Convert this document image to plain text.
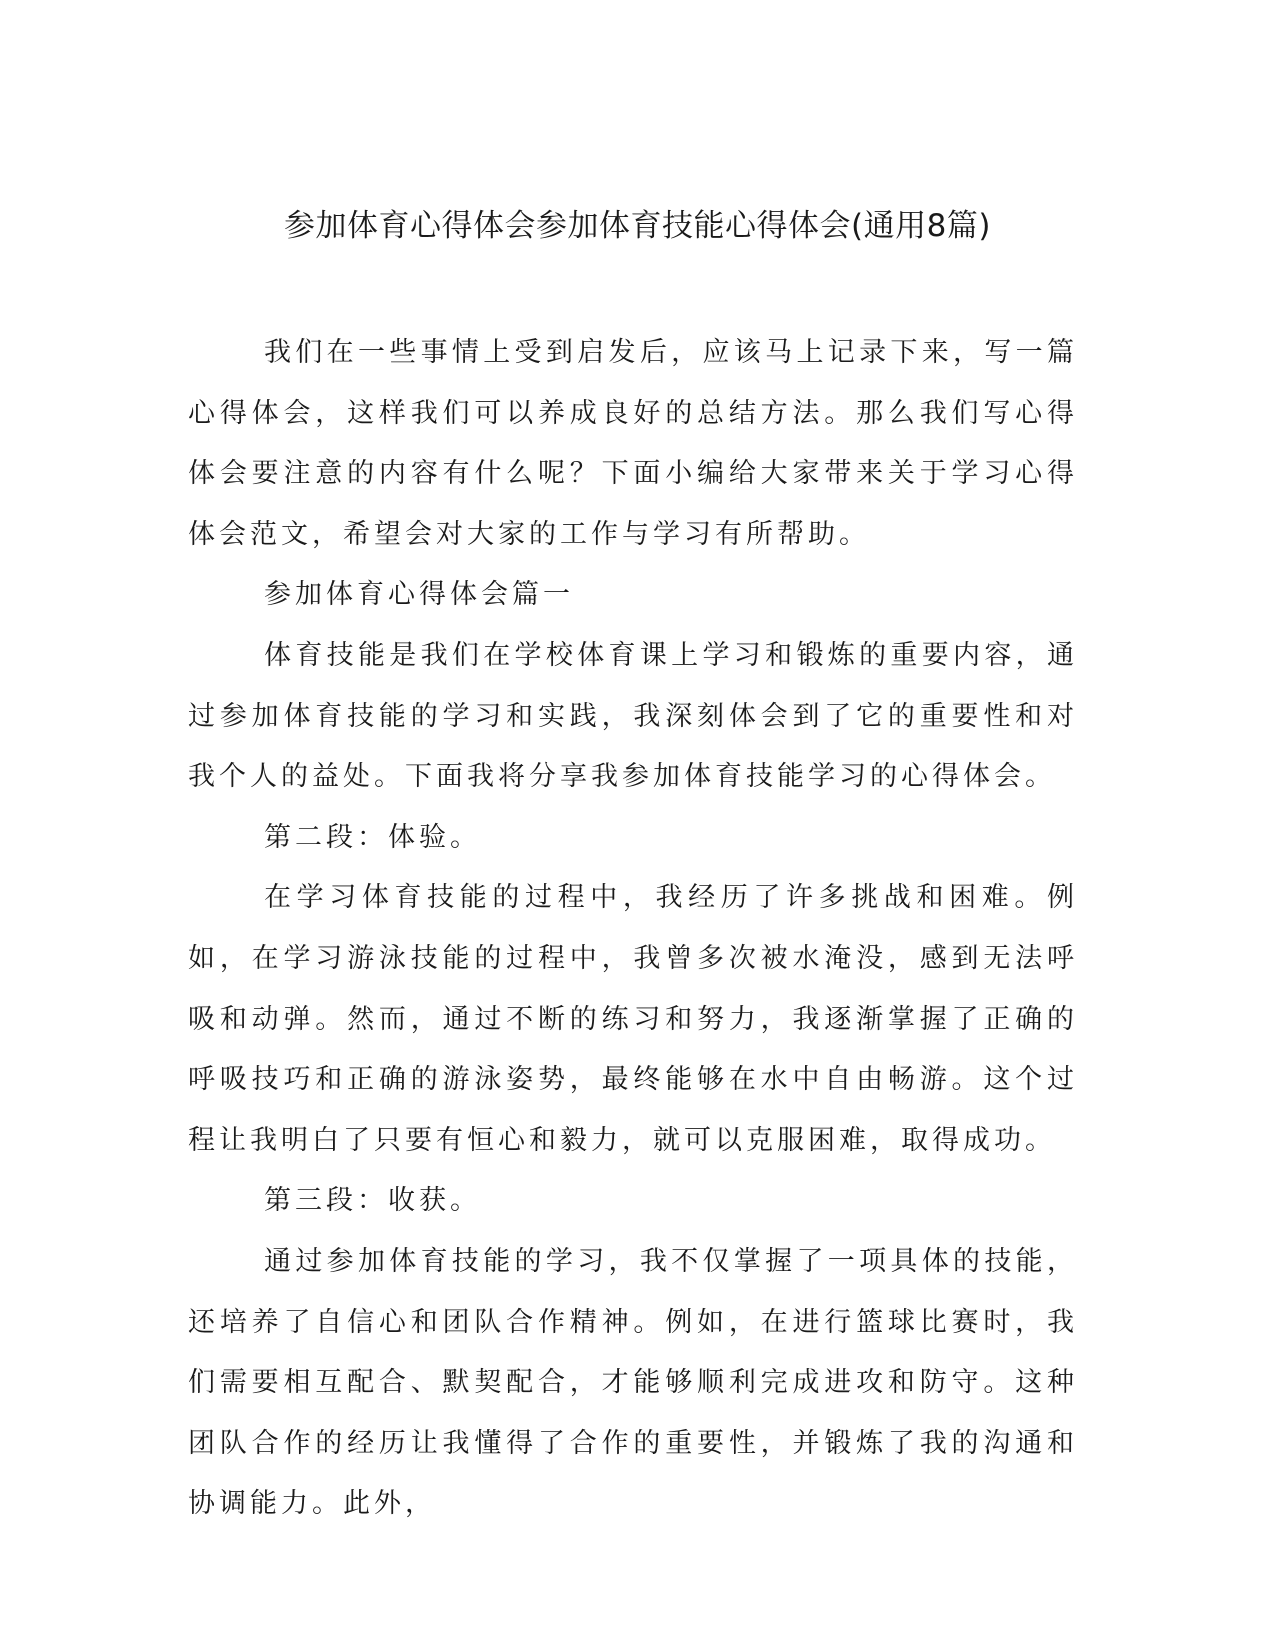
参加体育心得体会参加体育技能心得体会(通用8篇)

我们在一些事情上受到启发后，应该马上记录下来，写一篇心得体会，这样我们可以养成良好的总结方法。那么我们写心得体会要注意的内容有什么呢？下面小编给大家带来关于学习心得体会范文，希望会对大家的工作与学习有所帮助。

参加体育心得体会篇一

体育技能是我们在学校体育课上学习和锻炼的重要内容，通过参加体育技能的学习和实践，我深刻体会到了它的重要性和对我个人的益处。下面我将分享我参加体育技能学习的心得体会。

第二段：体验。

在学习体育技能的过程中，我经历了许多挑战和困难。例如，在学习游泳技能的过程中，我曾多次被水淹没，感到无法呼吸和动弹。然而，通过不断的练习和努力，我逐渐掌握了正确的呼吸技巧和正确的游泳姿势，最终能够在水中自由畅游。这个过程让我明白了只要有恒心和毅力，就可以克服困难，取得成功。

第三段：收获。

通过参加体育技能的学习，我不仅掌握了一项具体的技能，还培养了自信心和团队合作精神。例如，在进行篮球比赛时，我们需要相互配合、默契配合，才能够顺利完成进攻和防守。这种团队合作的经历让我懂得了合作的重要性，并锻炼了我的沟通和协调能力。此外，
